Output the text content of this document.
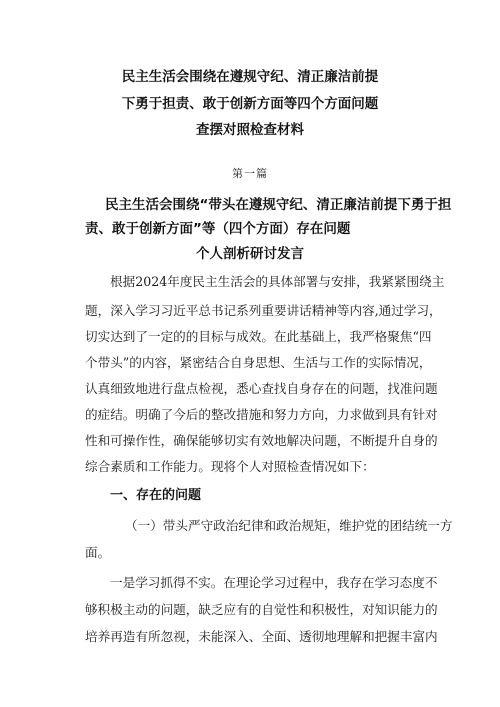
民主生活会围绕在遵规守纪、清正廉洁前提
下勇于担责、敢于创新方面等四个方面问题
查摆对照检查材料
第一篇
民主生活会围绕“带头在遵规守纪、清正廉洁前提下勇于担
责、敢于创新方面”等（四个方面）存在问题
个人剖析研讨发言
根据2024年度民主生活会的具体部署与安排，我紧紧围绕主
题，深入学习习近平总书记系列重要讲话精神等内容,通过学习，
切实达到了一定的的目标与成效。在此基础上，我严格聚焦“四
个带头”的内容，紧密结合自身思想、生活与工作的实际情况，
认真细致地进行盘点检视，悉心查找自身存在的问题，找准问题
的症结。明确了今后的整改措施和努力方向，力求做到具有针对
性和可操作性，确保能够切实有效地解决问题，不断提升自身的
综合素质和工作能力。现将个人对照检查情况如下：
一、存在的问题
（一）带头严守政治纪律和政治规矩，维护党的团结统一方
面。
一是学习抓得不实。在理论学习过程中，我存在学习态度不
够积极主动的问题，缺乏应有的自觉性和积极性，对知识能力的
培养再造有所忽视，未能深入、全面、透彻地理解和把握丰富内
